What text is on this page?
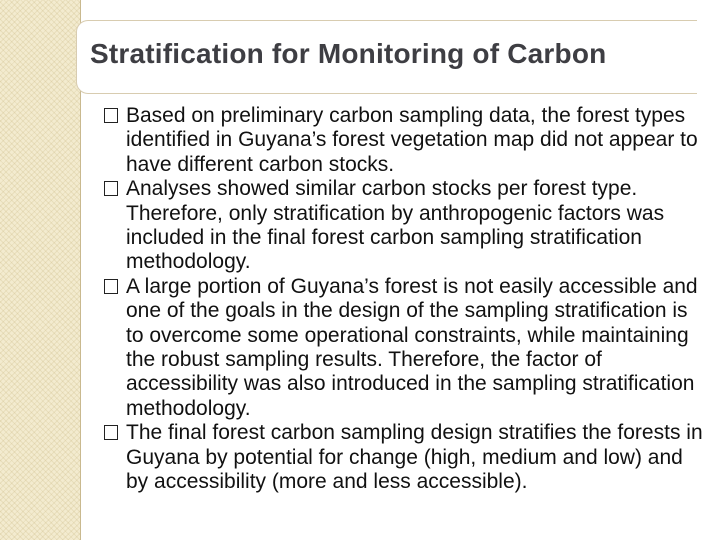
Stratification for Monitoring of Carbon
Based on preliminary carbon sampling data, the forest types identified in Guyana’s forest vegetation map did not appear to have different carbon stocks.
Analyses showed similar carbon stocks per forest type. Therefore, only stratification by anthropogenic factors was included in the final forest carbon sampling stratification methodology.
A large portion of Guyana’s forest is not easily accessible and one of the goals in the design of the sampling stratification is to overcome some operational constraints, while maintaining the robust sampling results. Therefore, the factor of accessibility was also introduced in the sampling stratification methodology.
The final forest carbon sampling design stratifies the forests in Guyana by potential for change (high, medium and low) and by accessibility (more and less accessible).
